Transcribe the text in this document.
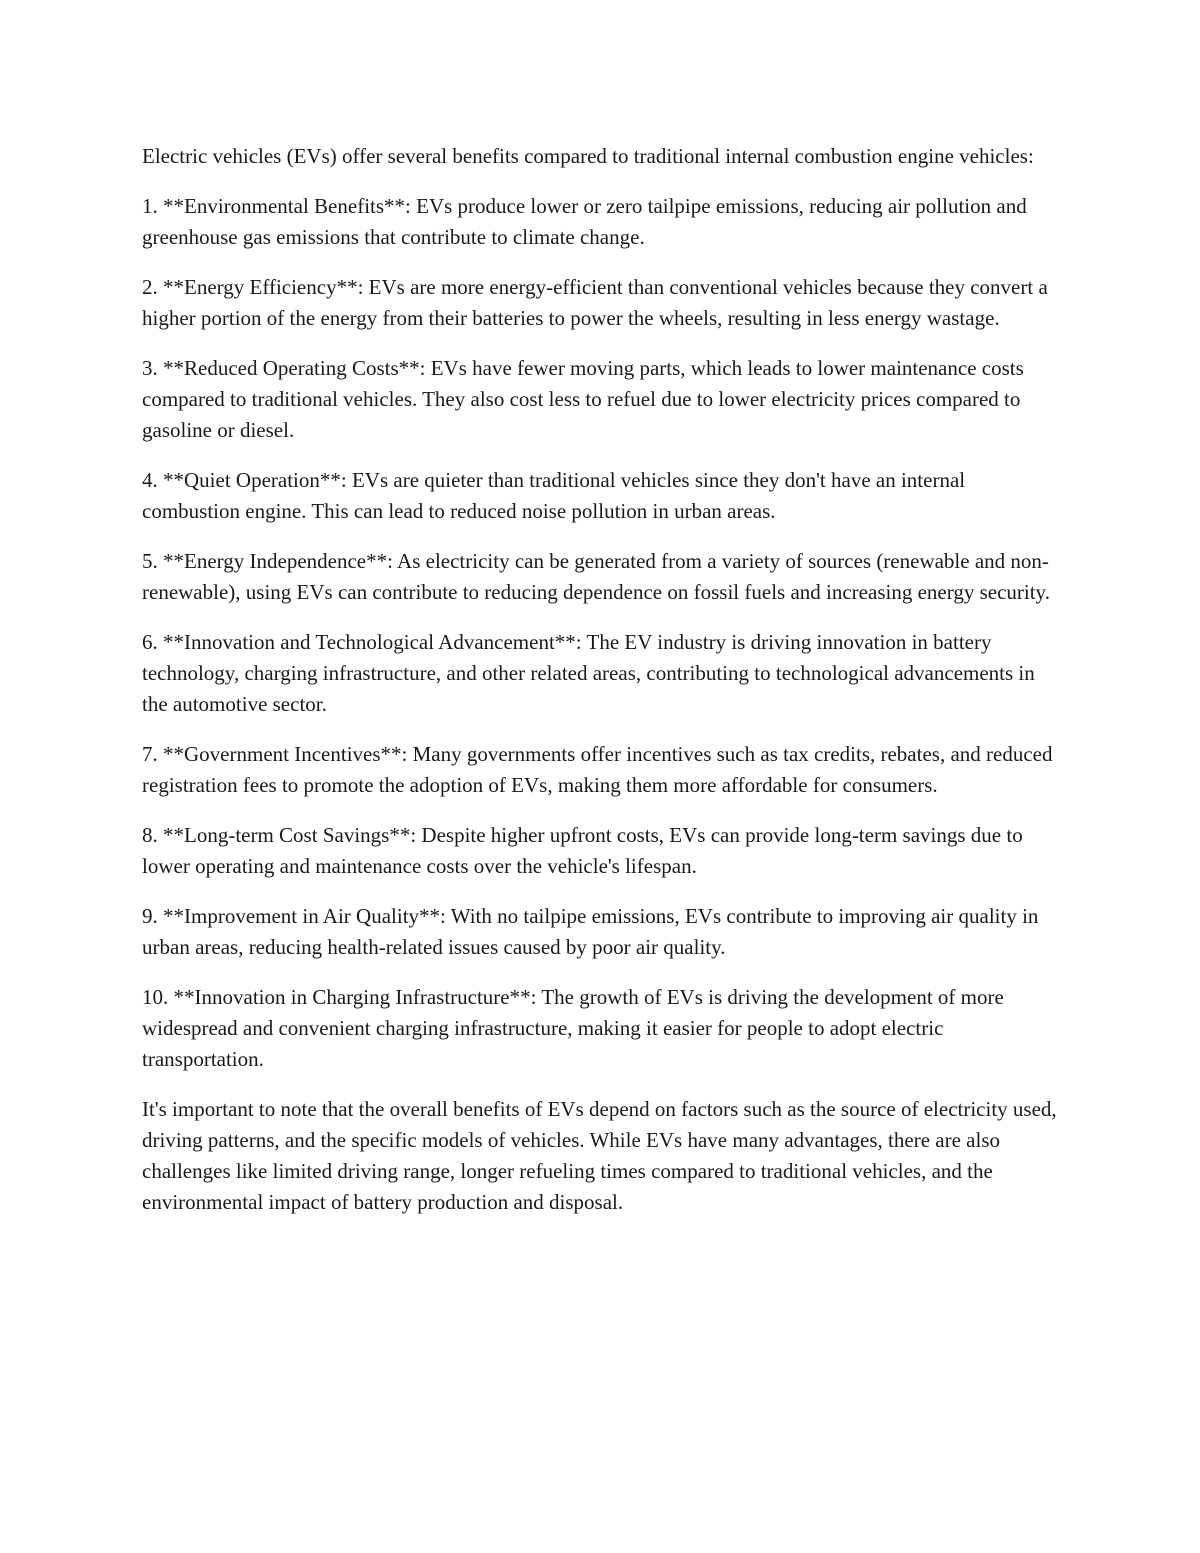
Electric vehicles (EVs) offer several benefits compared to traditional internal combustion engine vehicles:

1. **Environmental Benefits**: EVs produce lower or zero tailpipe emissions, reducing air pollution and greenhouse gas emissions that contribute to climate change.

2. **Energy Efficiency**: EVs are more energy-efficient than conventional vehicles because they convert a higher portion of the energy from their batteries to power the wheels, resulting in less energy wastage.

3. **Reduced Operating Costs**: EVs have fewer moving parts, which leads to lower maintenance costs compared to traditional vehicles. They also cost less to refuel due to lower electricity prices compared to gasoline or diesel.

4. **Quiet Operation**: EVs are quieter than traditional vehicles since they don't have an internal combustion engine. This can lead to reduced noise pollution in urban areas.

5. **Energy Independence**: As electricity can be generated from a variety of sources (renewable and non-renewable), using EVs can contribute to reducing dependence on fossil fuels and increasing energy security.

6. **Innovation and Technological Advancement**: The EV industry is driving innovation in battery technology, charging infrastructure, and other related areas, contributing to technological advancements in the automotive sector.

7. **Government Incentives**: Many governments offer incentives such as tax credits, rebates, and reduced registration fees to promote the adoption of EVs, making them more affordable for consumers.

8. **Long-term Cost Savings**: Despite higher upfront costs, EVs can provide long-term savings due to lower operating and maintenance costs over the vehicle's lifespan.

9. **Improvement in Air Quality**: With no tailpipe emissions, EVs contribute to improving air quality in urban areas, reducing health-related issues caused by poor air quality.

10. **Innovation in Charging Infrastructure**: The growth of EVs is driving the development of more widespread and convenient charging infrastructure, making it easier for people to adopt electric transportation.

It's important to note that the overall benefits of EVs depend on factors such as the source of electricity used, driving patterns, and the specific models of vehicles. While EVs have many advantages, there are also challenges like limited driving range, longer refueling times compared to traditional vehicles, and the environmental impact of battery production and disposal.
